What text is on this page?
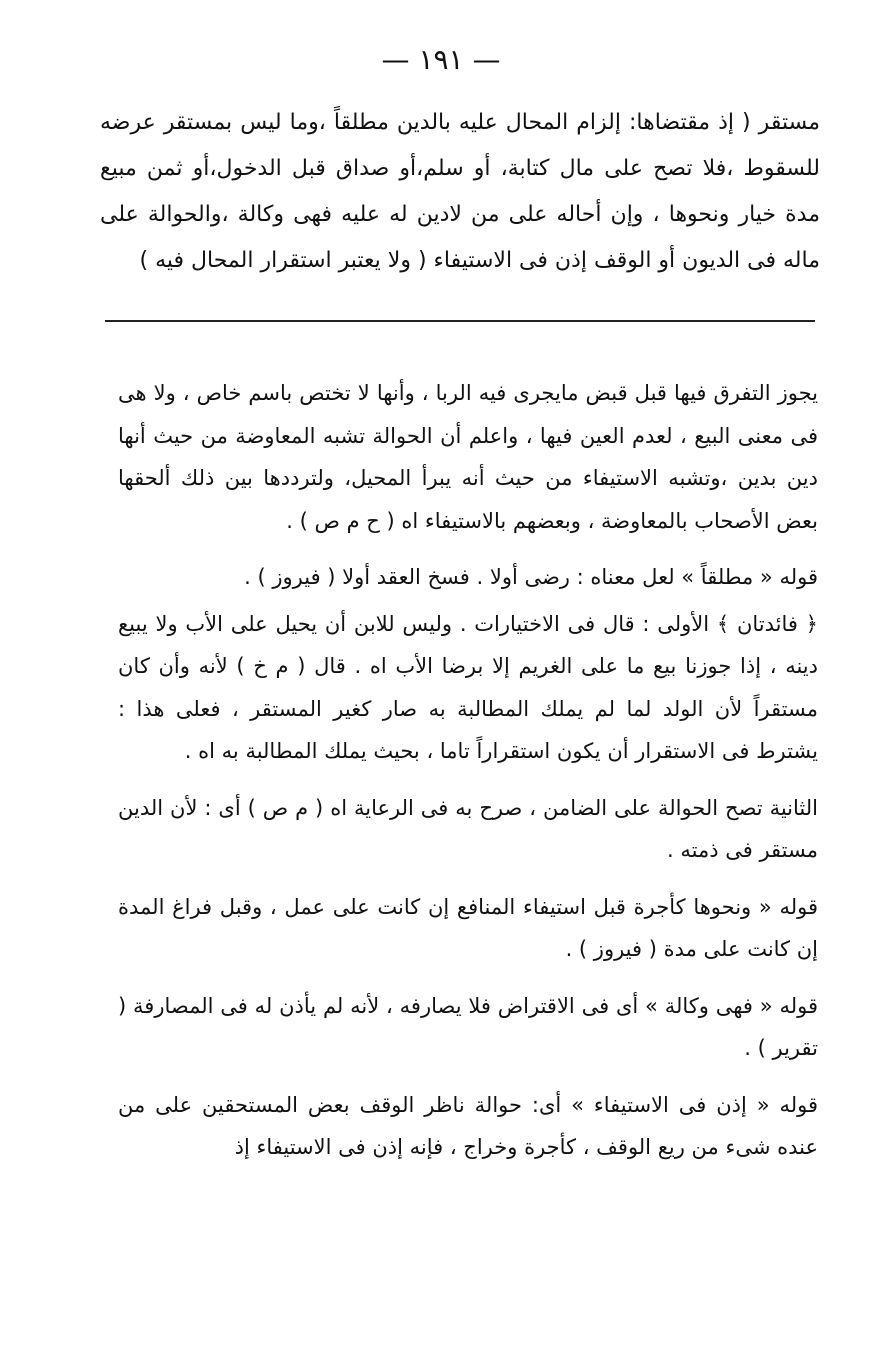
— ١٩١ —

مستقر ( إذ مقتضاها: إلزام المحال عليه بالدين مطلقاً ،وما ليس بمستقر عرضه للسقوط ،فلا تصح على مال كتابة، أو سلم،أو صداق قبل الدخول،أو ثمن مبيع مدة خيار ونحوها ، وإن أحاله على من لادين له عليه فهى وكالة ،والحوالة على ماله فى الديون أو الوقف إذن فى الاستيفاء ( ولا يعتبر استقرار المحال فيه )

يجوز التفرق فيها قبل قبض مايجرى فيه الربا ، وأنها لا تختص باسم خاص ، ولا هى فى معنى البيع ، لعدم العين فيها ، واعلم أن الحوالة تشبه المعاوضة من حيث أنها دين بدين ،وتشبه الاستيفاء من حيث أنه يبرأ المحيل، ولترددها بين ذلك ألحقها بعض الأصحاب بالمعاوضة ، وبعضهم بالاستيفاء اه ( ح م ص ) .

قوله « مطلقاً » لعل معناه : رضى أولا . فسخ العقد أولا ( فيروز ) .

﴿ فائدتان ﴾ الأولى : قال فى الاختيارات . وليس للابن أن يحيل على الأب ولا يبيع دينه ، إذا جوزنا بيع ما على الغريم إلا برضا الأب اه . قال ( م خ ) لأنه وأن كان مستقراً لأن الولد لما لم يملك المطالبة به صار كغير المستقر ، فعلى هذا : يشترط فى الاستقرار أن يكون استقراراً تاما ، بحيث يملك المطالبة به اه .

الثانية تصح الحوالة على الضامن ، صرح به فى الرعاية اه ( م ص ) أى : لأن الدين مستقر فى ذمته .

قوله « ونحوها كأجرة قبل استيفاء المنافع إن كانت على عمل ، وقبل فراغ المدة إن كانت على مدة ( فيروز ) .

قوله « فهى وكالة » أى فى الاقتراض فلا يصارفه ، لأنه لم يأذن له فى المصارفة ( تقرير ) .

قوله « إذن فى الاستيفاء » أى: حوالة ناظر الوقف بعض المستحقين على من عنده شىء من ريع الوقف ، كأجرة وخراج ، فإنه إذن فى الاستيفاء إذ
